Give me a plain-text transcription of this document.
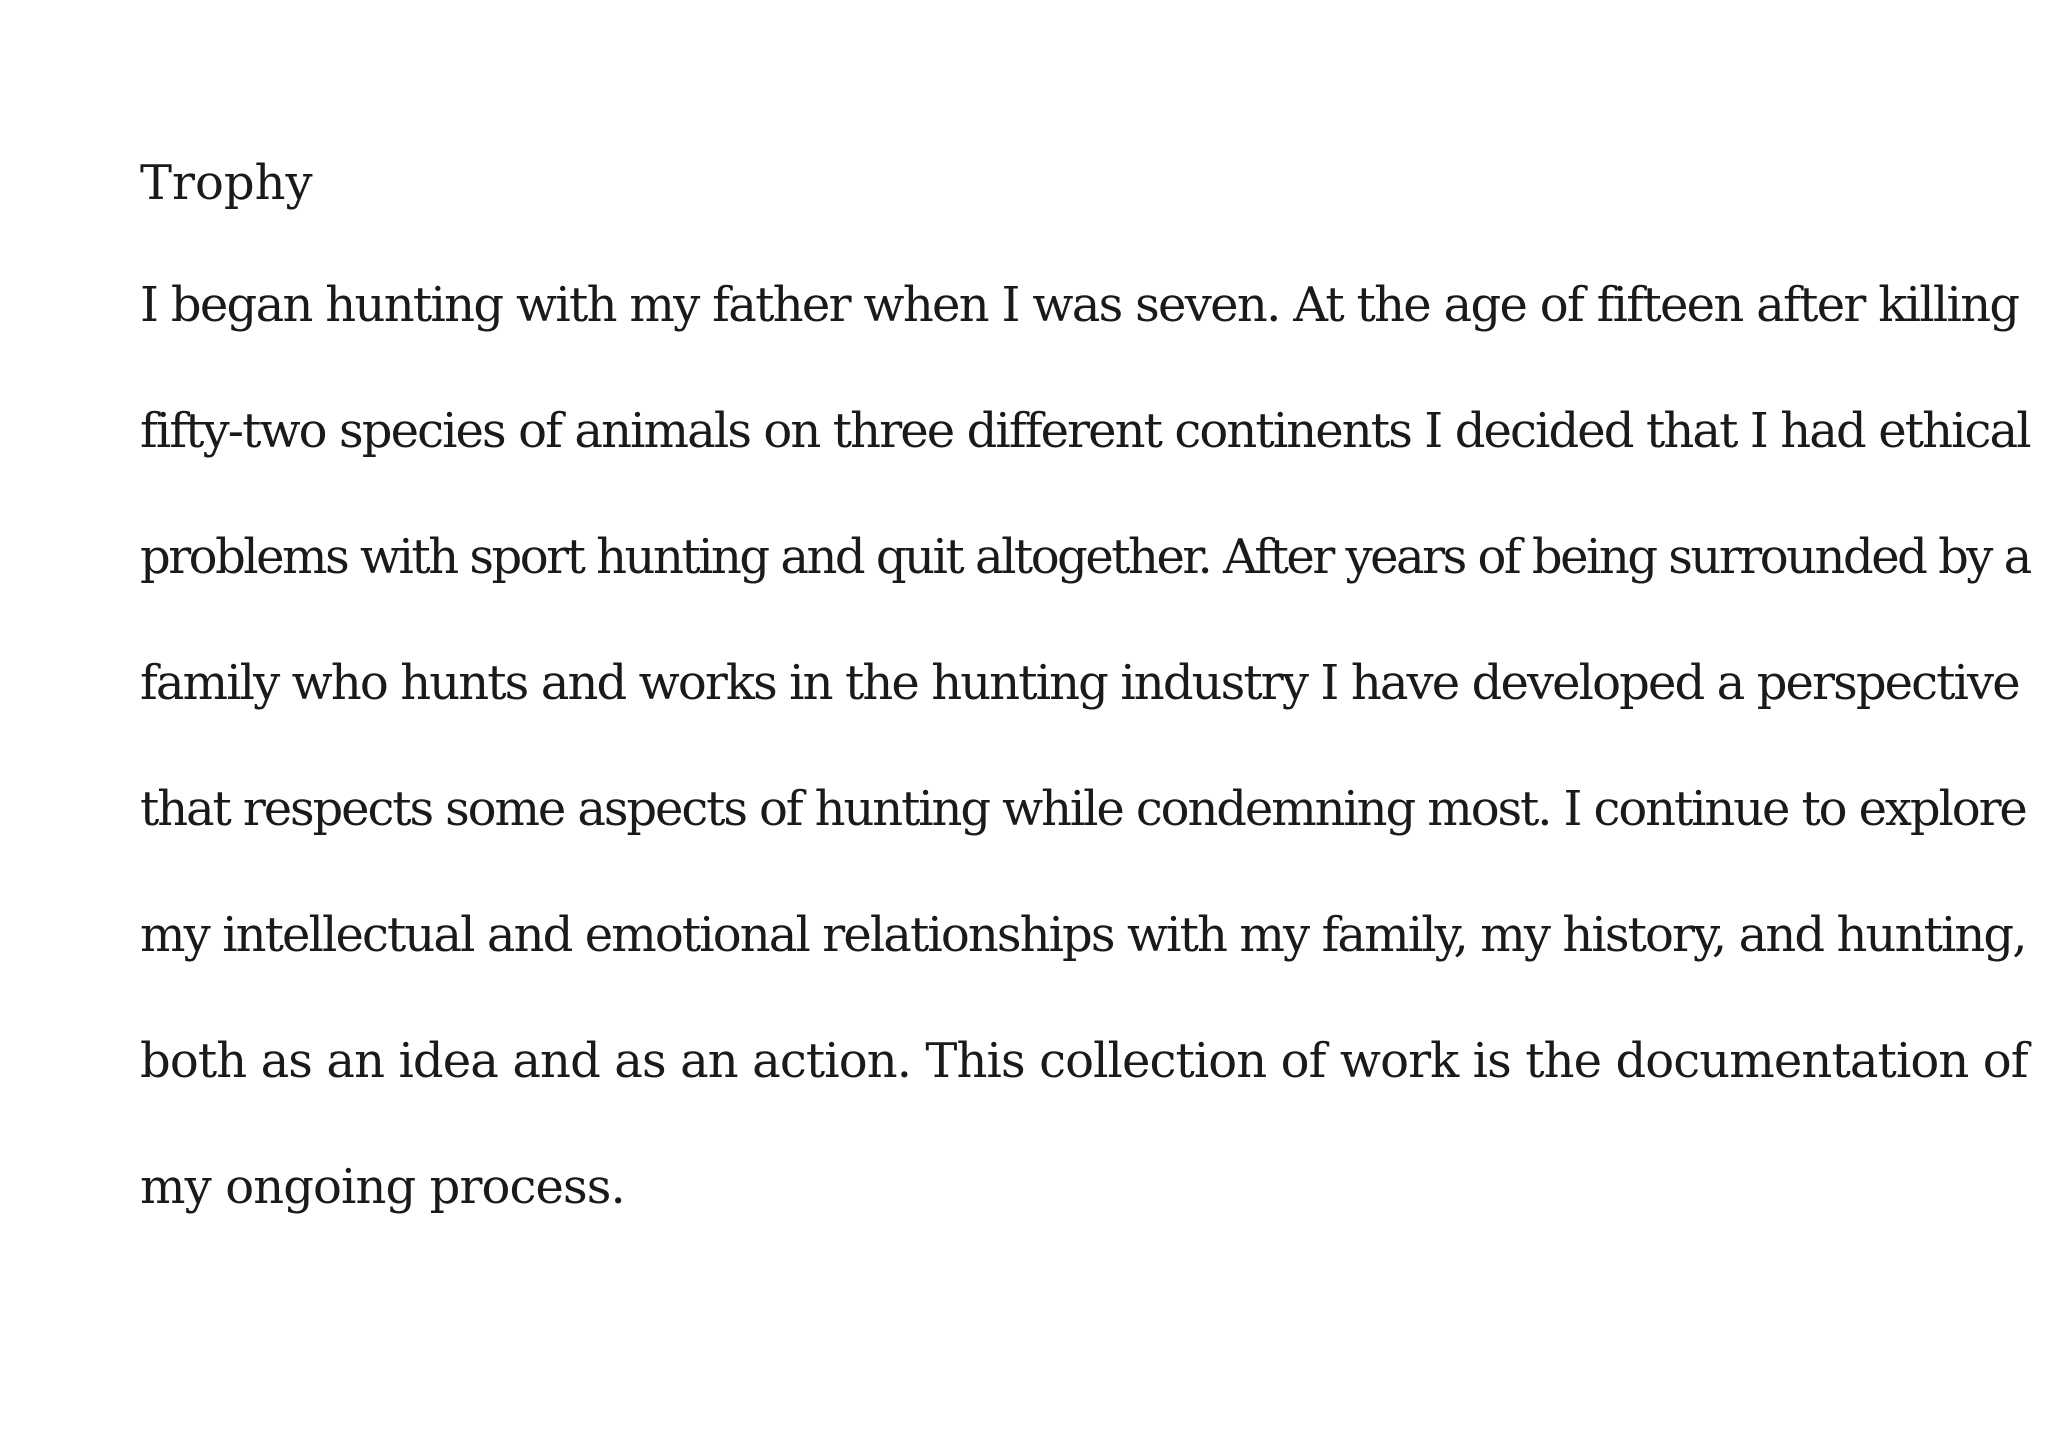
Trophy
I began hunting with my father when I was seven. At the age of fifteen after killing
fifty-two species of animals on three different continents I decided that I had ethical
problems with sport hunting and quit altogether. After years of being surrounded by a
family who hunts and works in the hunting industry I have developed a perspective
that respects some aspects of hunting while condemning most. I continue to explore
my intellectual and emotional relationships with my family, my history, and hunting,
both as an idea and as an action. This collection of work is the documentation of
my ongoing process.
